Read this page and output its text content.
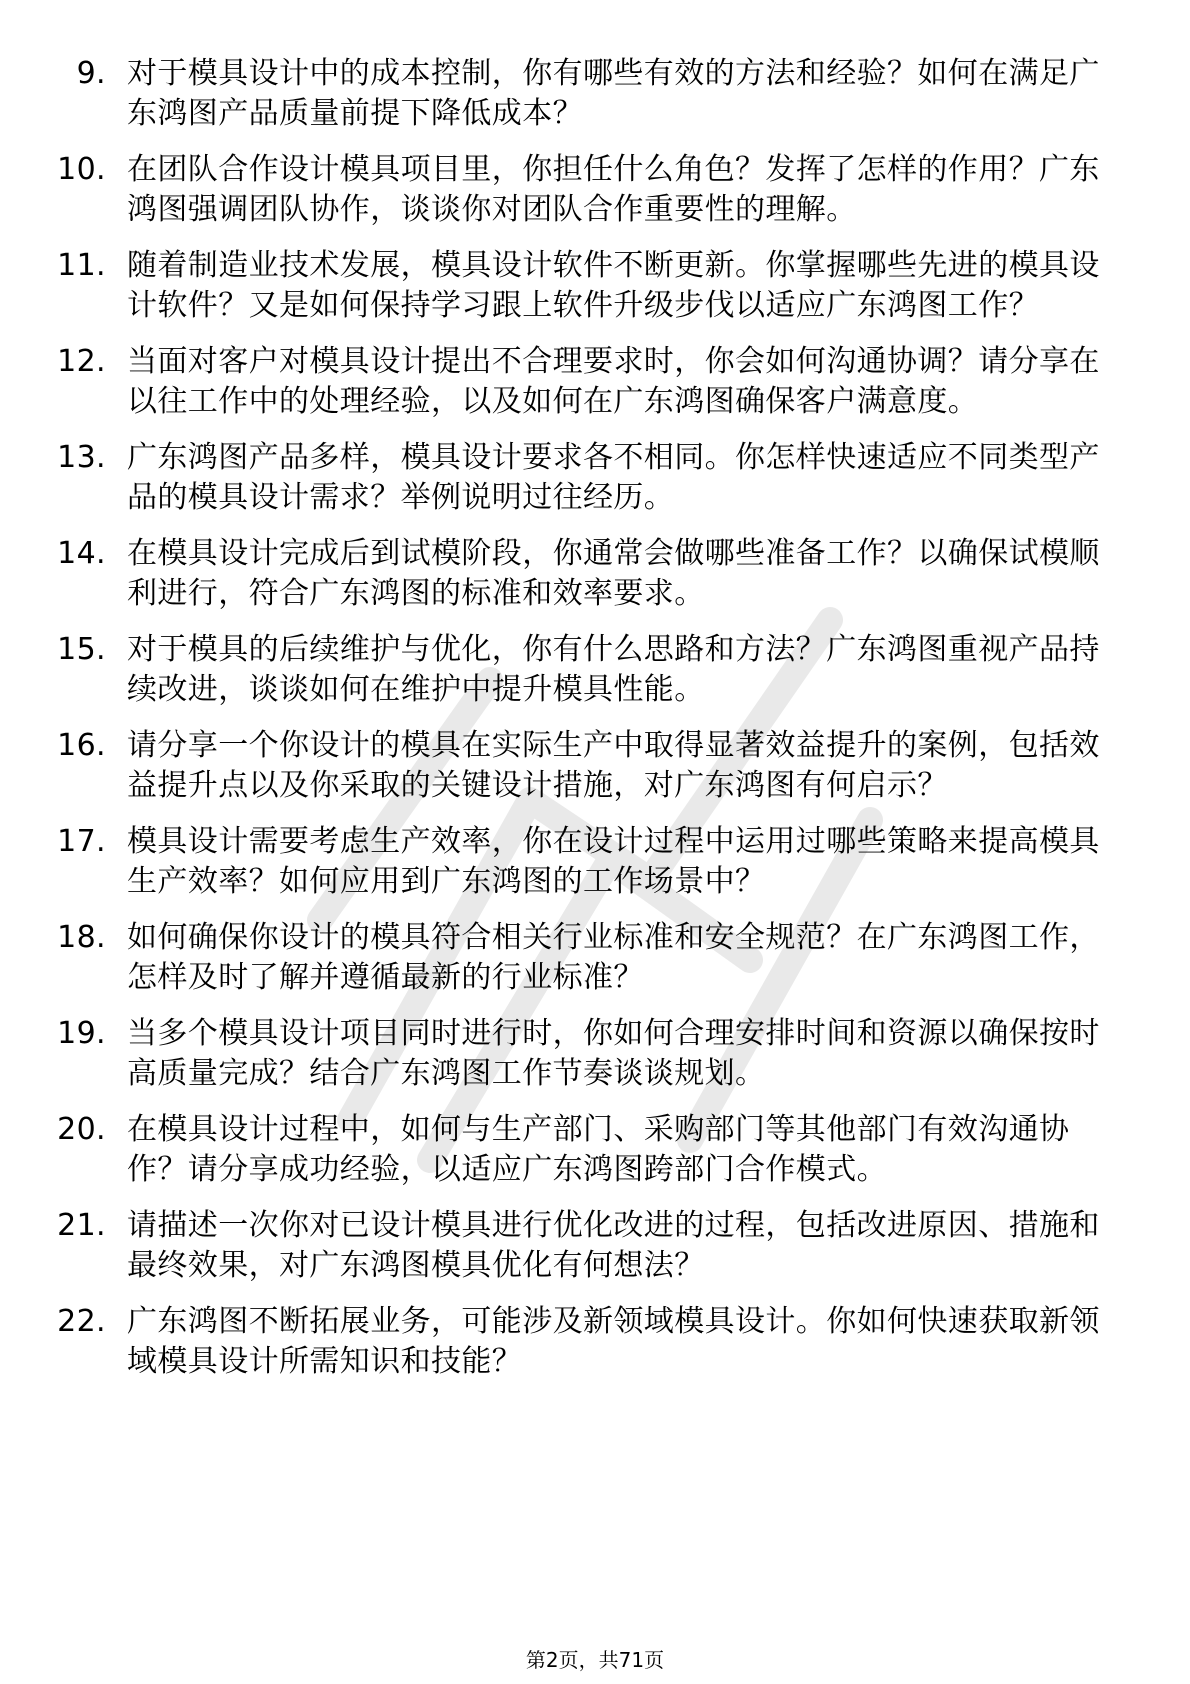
9. 对于模具设计中的成本控制，你有哪些有效的方法和经验？如何在满足广东鸿图产品质量前提下降低成本？
10. 在团队合作设计模具项目里，你担任什么角色？发挥了怎样的作用？广东鸿图强调团队协作，谈谈你对团队合作重要性的理解。
11. 随着制造业技术发展，模具设计软件不断更新。你掌握哪些先进的模具设计软件？又是如何保持学习跟上软件升级步伐以适应广东鸿图工作？
12. 当面对客户对模具设计提出不合理要求时，你会如何沟通协调？请分享在以往工作中的处理经验，以及如何在广东鸿图确保客户满意度。
13. 广东鸿图产品多样，模具设计要求各不相同。你怎样快速适应不同类型产品的模具设计需求？举例说明过往经历。
14. 在模具设计完成后到试模阶段，你通常会做哪些准备工作？以确保试模顺利进行，符合广东鸿图的标准和效率要求。
15. 对于模具的后续维护与优化，你有什么思路和方法？广东鸿图重视产品持续改进，谈谈如何在维护中提升模具性能。
16. 请分享一个你设计的模具在实际生产中取得显著效益提升的案例，包括效益提升点以及你采取的关键设计措施，对广东鸿图有何启示？
17. 模具设计需要考虑生产效率，你在设计过程中运用过哪些策略来提高模具生产效率？如何应用到广东鸿图的工作场景中？
18. 如何确保你设计的模具符合相关行业标准和安全规范？在广东鸿图工作，怎样及时了解并遵循最新的行业标准？
19. 当多个模具设计项目同时进行时，你如何合理安排时间和资源以确保按时高质量完成？结合广东鸿图工作节奏谈谈规划。
20. 在模具设计过程中，如何与生产部门、采购部门等其他部门有效沟通协作？请分享成功经验，以适应广东鸿图跨部门合作模式。
21. 请描述一次你对已设计模具进行优化改进的过程，包括改进原因、措施和最终效果，对广东鸿图模具优化有何想法？
22. 广东鸿图不断拓展业务，可能涉及新领域模具设计。你如何快速获取新领域模具设计所需知识和技能？
第2页，共71页
